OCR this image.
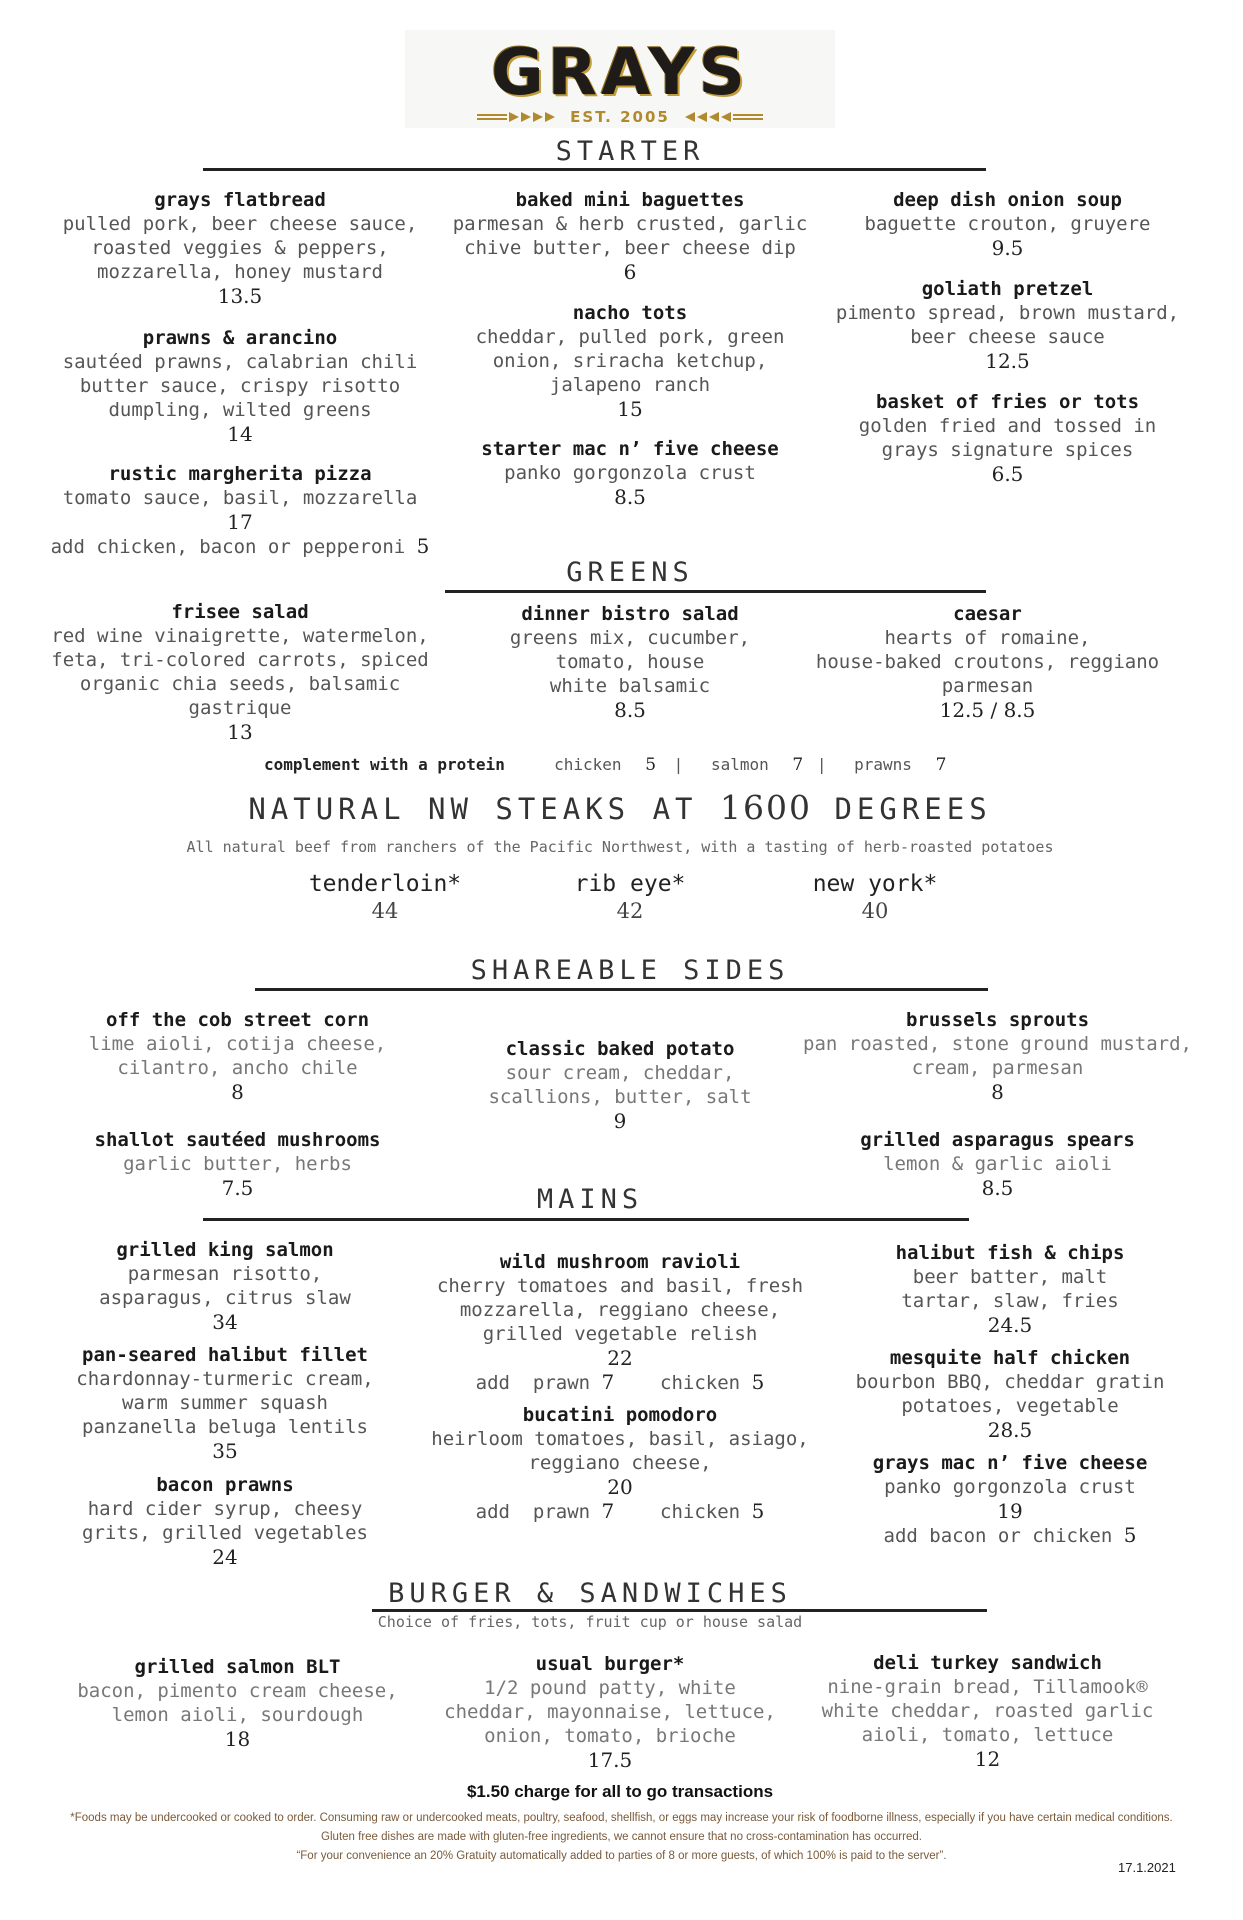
GRAYS
EST. 2005
STARTER
grays flatbread
pulled pork, beer cheese sauce,
roasted veggies & peppers,
mozzarella, honey mustard
13.5
prawns & arancino
sautéed prawns, calabrian chili
butter sauce, crispy risotto
dumpling, wilted greens
14
rustic margherita pizza
tomato sauce, basil, mozzarella
17
add chicken, bacon or pepperoni 5
baked mini baguettes
parmesan & herb crusted, garlic
chive butter, beer cheese dip
6
nacho tots
cheddar, pulled pork, green
onion, sriracha ketchup,
jalapeno ranch
15
starter mac n’ five cheese
panko gorgonzola crust
8.5
deep dish onion soup
baguette crouton, gruyere
9.5
goliath pretzel
pimento spread, brown mustard,
beer cheese sauce
12.5
basket of fries or tots
golden fried and tossed in
grays signature spices
6.5
GREENS
frisee salad
red wine vinaigrette, watermelon,
feta, tri-colored carrots, spiced
organic chia seeds, balsamic
gastrique
13
dinner bistro salad
greens mix, cucumber,
tomato, house
white balsamic
8.5
caesar
hearts of romaine,
house-baked croutons, reggiano
parmesan
12.5 / 8.5
complement with a protein	chicken 5 | salmon 7 | prawns 7
NATURAL NW STEAKS AT 1600 DEGREES
All natural beef from ranchers of the Pacific Northwest, with a tasting of herb-roasted potatoes
tenderloin*
44
rib eye*
42
new york*
40
SHAREABLE SIDES
off the cob street corn
lime aioli, cotija cheese,
cilantro, ancho chile
8
shallot sautéed mushrooms
garlic butter, herbs
7.5
classic baked potato
sour cream, cheddar,
scallions, butter, salt
9
brussels sprouts
pan roasted, stone ground mustard,
cream, parmesan
8
grilled asparagus spears
lemon & garlic aioli
8.5
MAINS
grilled king salmon
parmesan risotto,
asparagus, citrus slaw
34
pan-seared halibut fillet
chardonnay-turmeric cream,
warm summer squash
panzanella beluga lentils
35
bacon prawns
hard cider syrup, cheesy
grits, grilled vegetables
24
wild mushroom ravioli
cherry tomatoes and basil, fresh
mozzarella, reggiano cheese,
grilled vegetable relish
22
add prawn 7 chicken 5
bucatini pomodoro
heirloom tomatoes, basil, asiago,
reggiano cheese,
20
add prawn 7 chicken 5
halibut fish & chips
beer batter, malt
tartar, slaw, fries
24.5
mesquite half chicken
bourbon BBQ, cheddar gratin
potatoes, vegetable
28.5
grays mac n’ five cheese
panko gorgonzola crust
19
add bacon or chicken 5
BURGER & SANDWICHES
Choice of fries, tots, fruit cup or house salad
grilled salmon BLT
bacon, pimento cream cheese,
lemon aioli, sourdough
18
usual burger*
1/2 pound patty, white
cheddar, mayonnaise, lettuce,
onion, tomato, brioche
17.5
deli turkey sandwich
nine-grain bread, Tillamook®
white cheddar, roasted garlic
aioli, tomato, lettuce
12
$1.50 charge for all to go transactions
*Foods may be undercooked or cooked to order. Consuming raw or undercooked meats, poultry, seafood, shellfish, or eggs may increase your risk of foodborne illness, especially if you have certain medical conditions.
Gluten free dishes are made with gluten-free ingredients, we cannot ensure that no cross-contamination has occurred.
“For your convenience an 20% Gratuity automatically added to parties of 8 or more guests, of which 100% is paid to the server”.
17.1.2021
